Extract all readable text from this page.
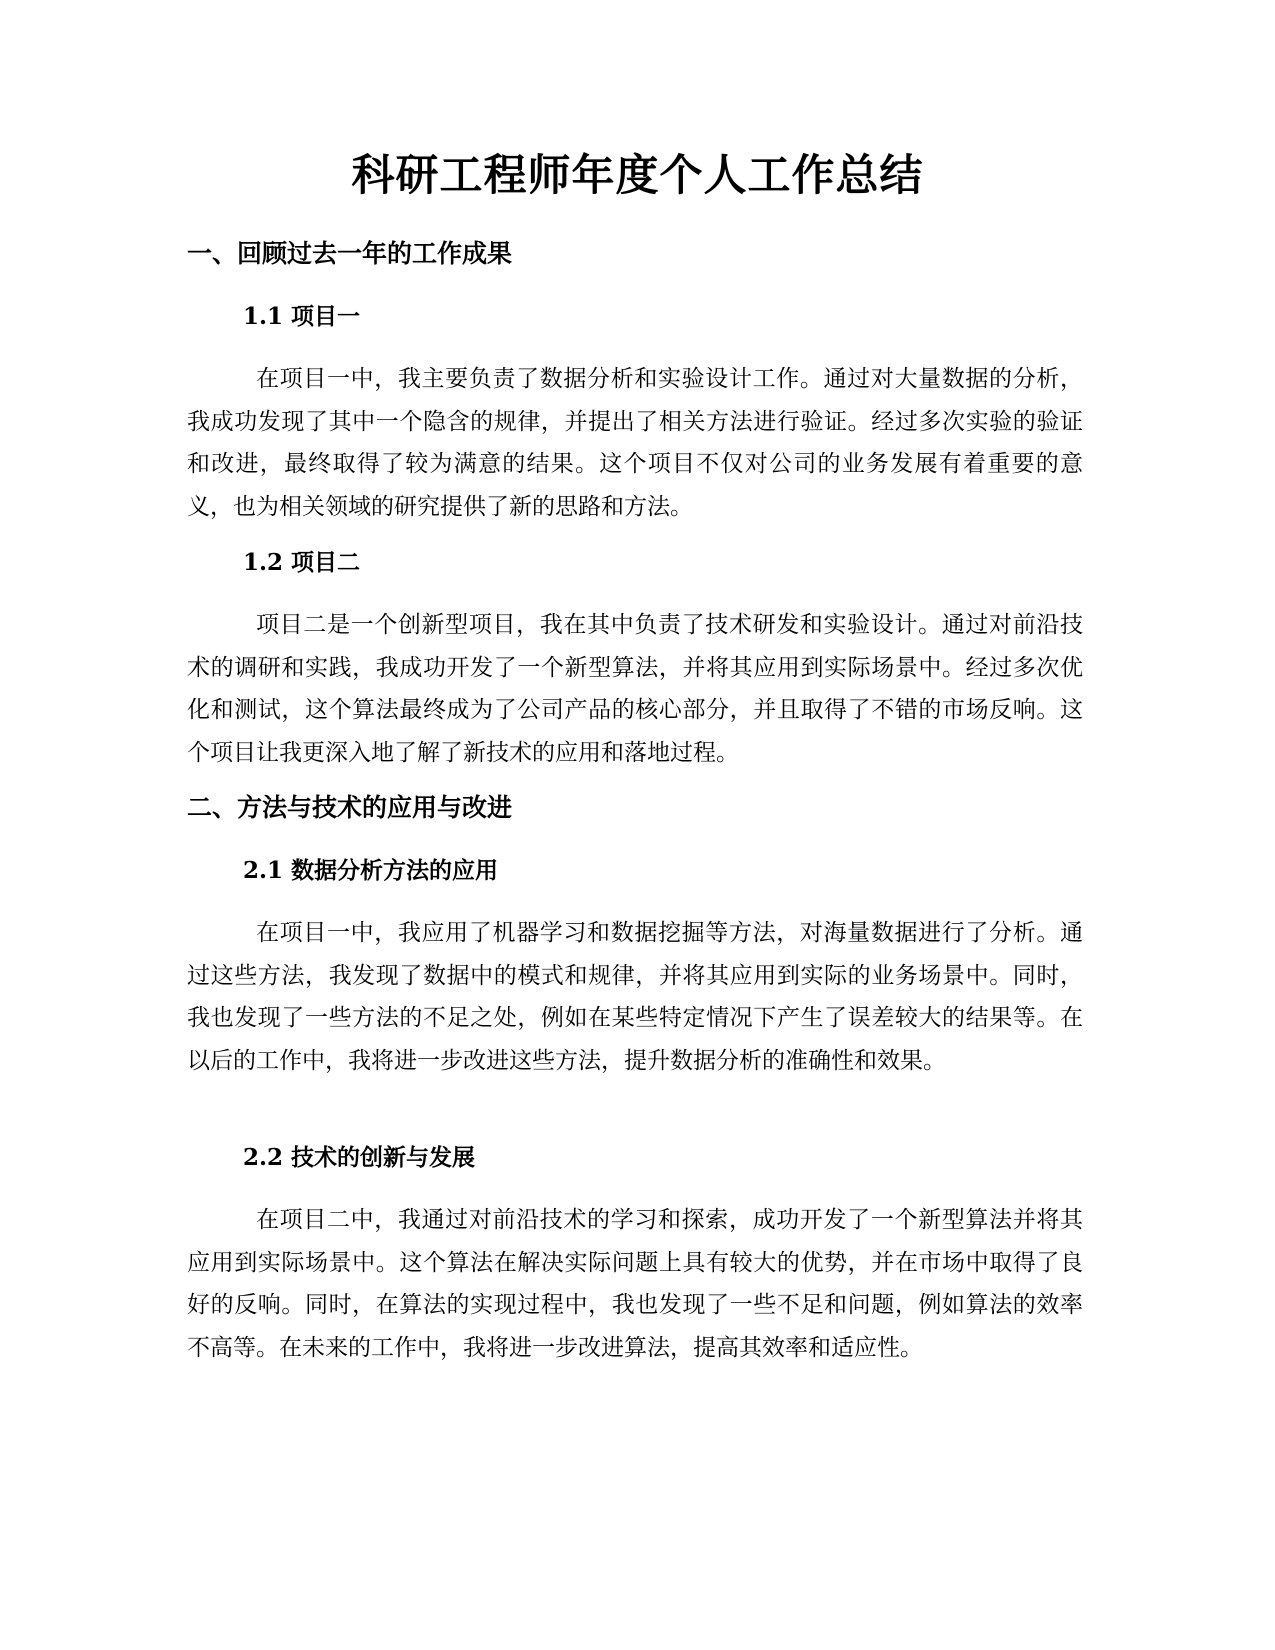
科研工程师年度个人工作总结
一、回顾过去一年的工作成果
1.1 项目一

在项目一中，我主要负责了数据分析和实验设计工作。通过对大量数据的分析，我成功发现了其中一个隐含的规律，并提出了相关方法进行验证。经过多次实验的验证和改进，最终取得了较为满意的结果。这个项目不仅对公司的业务发展有着重要的意义，也为相关领域的研究提供了新的思路和方法。

1.2 项目二

项目二是一个创新型项目，我在其中负责了技术研发和实验设计。通过对前沿技术的调研和实践，我成功开发了一个新型算法，并将其应用到实际场景中。经过多次优化和测试，这个算法最终成为了公司产品的核心部分，并且取得了不错的市场反响。这个项目让我更深入地了解了新技术的应用和落地过程。

二、方法与技术的应用与改进
2.1 数据分析方法的应用

在项目一中，我应用了机器学习和数据挖掘等方法，对海量数据进行了分析。通过这些方法，我发现了数据中的模式和规律，并将其应用到实际的业务场景中。同时，我也发现了一些方法的不足之处，例如在某些特定情况下产生了误差较大的结果等。在以后的工作中，我将进一步改进这些方法，提升数据分析的准确性和效果。

2.2 技术的创新与发展

在项目二中，我通过对前沿技术的学习和探索，成功开发了一个新型算法并将其应用到实际场景中。这个算法在解决实际问题上具有较大的优势，并在市场中取得了良好的反响。同时，在算法的实现过程中，我也发现了一些不足和问题，例如算法的效率不高等。在未来的工作中，我将进一步改进算法，提高其效率和适应性。
